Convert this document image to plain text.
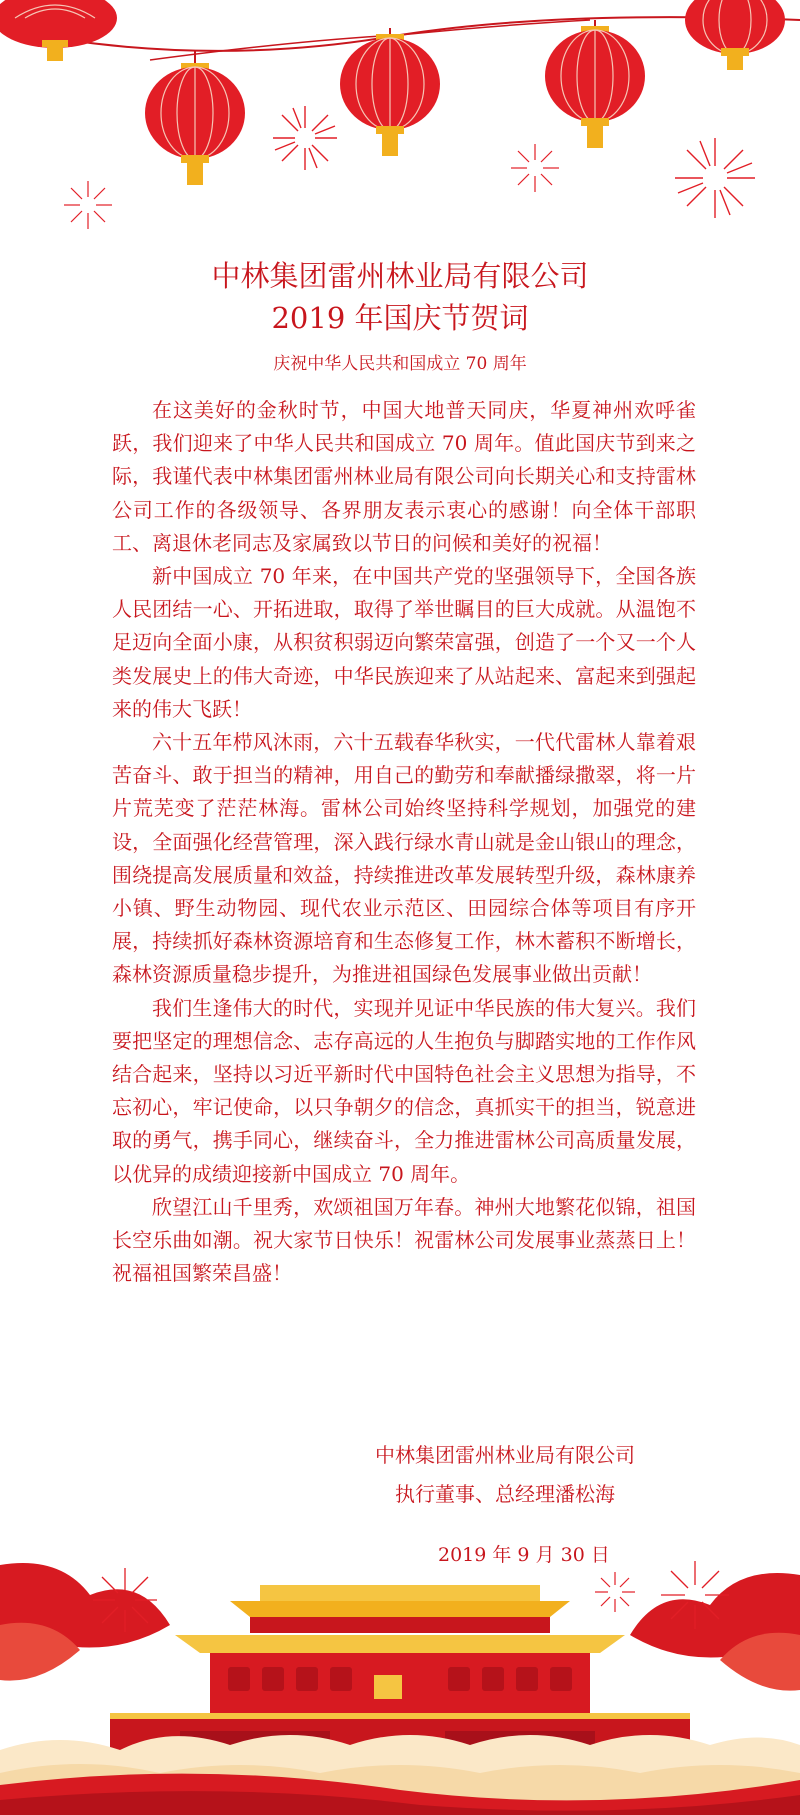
中林集团雷州林业局有限公司
2019 年国庆节贺词
庆祝中华人民共和国成立 70 周年

在这美好的金秋时节，中国大地普天同庆，华夏神州欢呼雀跃，我们迎来了中华人民共和国成立 70 周年。值此国庆节到来之际，我谨代表中林集团雷州林业局有限公司向长期关心和支持雷林公司工作的各级领导、各界朋友表示衷心的感谢！向全体干部职工、离退休老同志及家属致以节日的问候和美好的祝福！

新中国成立 70 年来，在中国共产党的坚强领导下，全国各族人民团结一心、开拓进取，取得了举世瞩目的巨大成就。从温饱不足迈向全面小康，从积贫积弱迈向繁荣富强，创造了一个又一个人类发展史上的伟大奇迹，中华民族迎来了从站起来、富起来到强起来的伟大飞跃！

六十五年栉风沐雨，六十五载春华秋实，一代代雷林人靠着艰苦奋斗、敢于担当的精神，用自己的勤劳和奉献播绿撒翠，将一片片荒芜变了茫茫林海。雷林公司始终坚持科学规划，加强党的建设，全面强化经营管理，深入践行绿水青山就是金山银山的理念，围绕提高发展质量和效益，持续推进改革发展转型升级，森林康养小镇、野生动物园、现代农业示范区、田园综合体等项目有序开展，持续抓好森林资源培育和生态修复工作，林木蓄积不断增长，森林资源质量稳步提升，为推进祖国绿色发展事业做出贡献！

我们生逢伟大的时代，实现并见证中华民族的伟大复兴。我们要把坚定的理想信念、志存高远的人生抱负与脚踏实地的工作作风结合起来，坚持以习近平新时代中国特色社会主义思想为指导，不忘初心，牢记使命，以只争朝夕的信念，真抓实干的担当，锐意进取的勇气，携手同心，继续奋斗，全力推进雷林公司高质量发展，以优异的成绩迎接新中国成立 70 周年。

欣望江山千里秀，欢颂祖国万年春。神州大地繁花似锦，祖国长空乐曲如潮。祝大家节日快乐！祝雷林公司发展事业蒸蒸日上！祝福祖国繁荣昌盛！

中林集团雷州林业局有限公司
执行董事、总经理潘松海
2019 年 9 月 30 日
